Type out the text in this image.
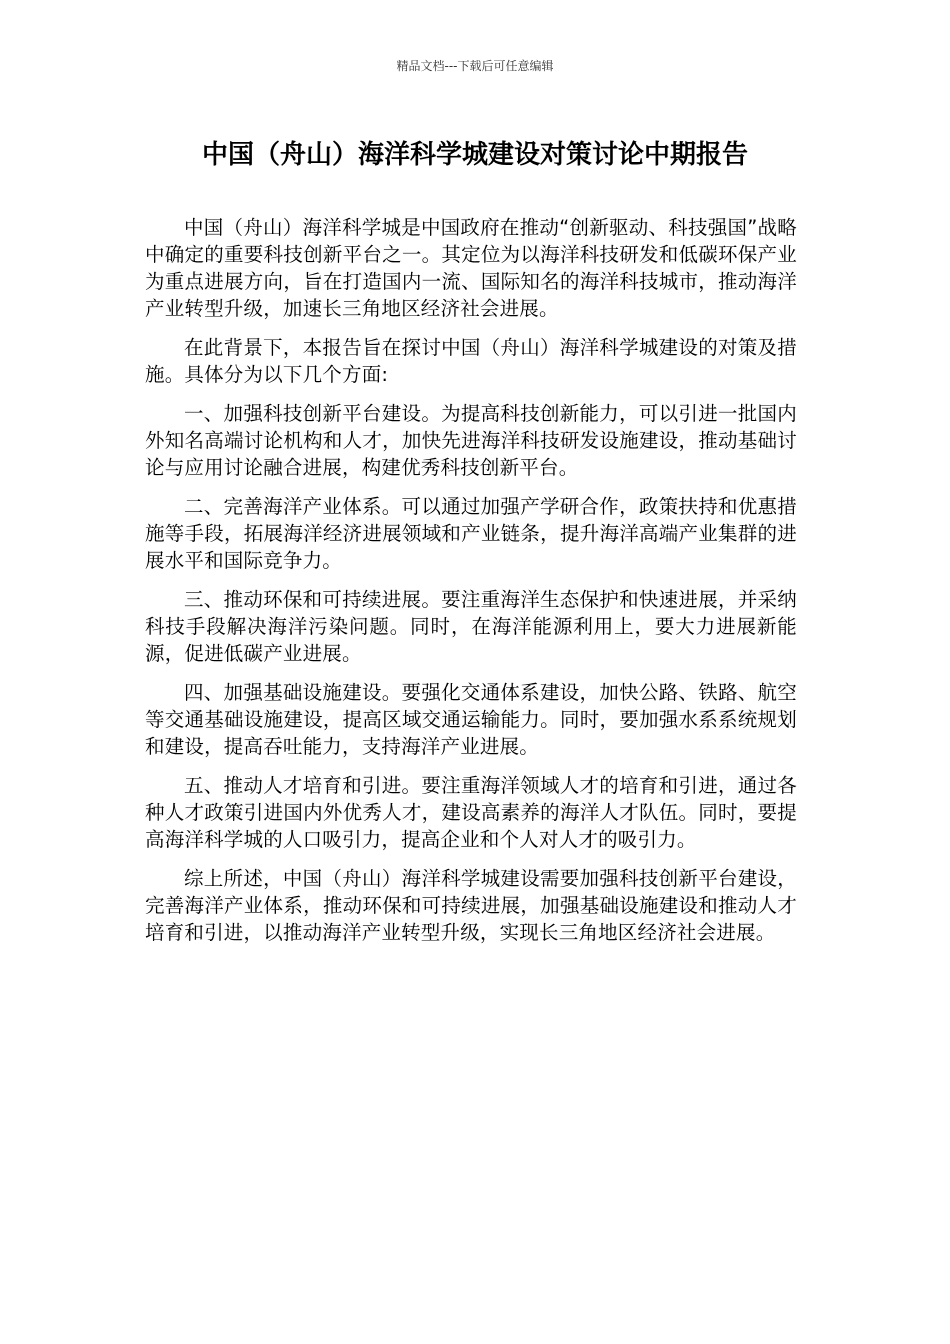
精品文档---下载后可任意编辑
中国（舟山）海洋科学城建设对策讨论中期报告

中国（舟山）海洋科学城是中国政府在推动“创新驱动、科技强国”战略中确定的重要科技创新平台之一。其定位为以海洋科技研发和低碳环保产业为重点进展方向，旨在打造国内一流、国际知名的海洋科技城市，推动海洋产业转型升级，加速长三角地区经济社会进展。

在此背景下，本报告旨在探讨中国（舟山）海洋科学城建设的对策及措施。具体分为以下几个方面:

一、加强科技创新平台建设。为提高科技创新能力，可以引进一批国内外知名高端讨论机构和人才，加快先进海洋科技研发设施建设，推动基础讨论与应用讨论融合进展，构建优秀科技创新平台。

二、完善海洋产业体系。可以通过加强产学研合作，政策扶持和优惠措施等手段，拓展海洋经济进展领域和产业链条，提升海洋高端产业集群的进展水平和国际竞争力。

三、推动环保和可持续进展。要注重海洋生态保护和快速进展，并采纳科技手段解决海洋污染问题。同时，在海洋能源利用上，要大力进展新能源，促进低碳产业进展。

四、加强基础设施建设。要强化交通体系建设，加快公路、铁路、航空等交通基础设施建设，提高区域交通运输能力。同时，要加强水系系统规划和建设，提高吞吐能力，支持海洋产业进展。

五、推动人才培育和引进。要注重海洋领域人才的培育和引进，通过各种人才政策引进国内外优秀人才，建设高素养的海洋人才队伍。同时，要提高海洋科学城的人口吸引力，提高企业和个人对人才的吸引力。

综上所述，中国（舟山）海洋科学城建设需要加强科技创新平台建设，完善海洋产业体系，推动环保和可持续进展，加强基础设施建设和推动人才培育和引进，以推动海洋产业转型升级，实现长三角地区经济社会进展。
